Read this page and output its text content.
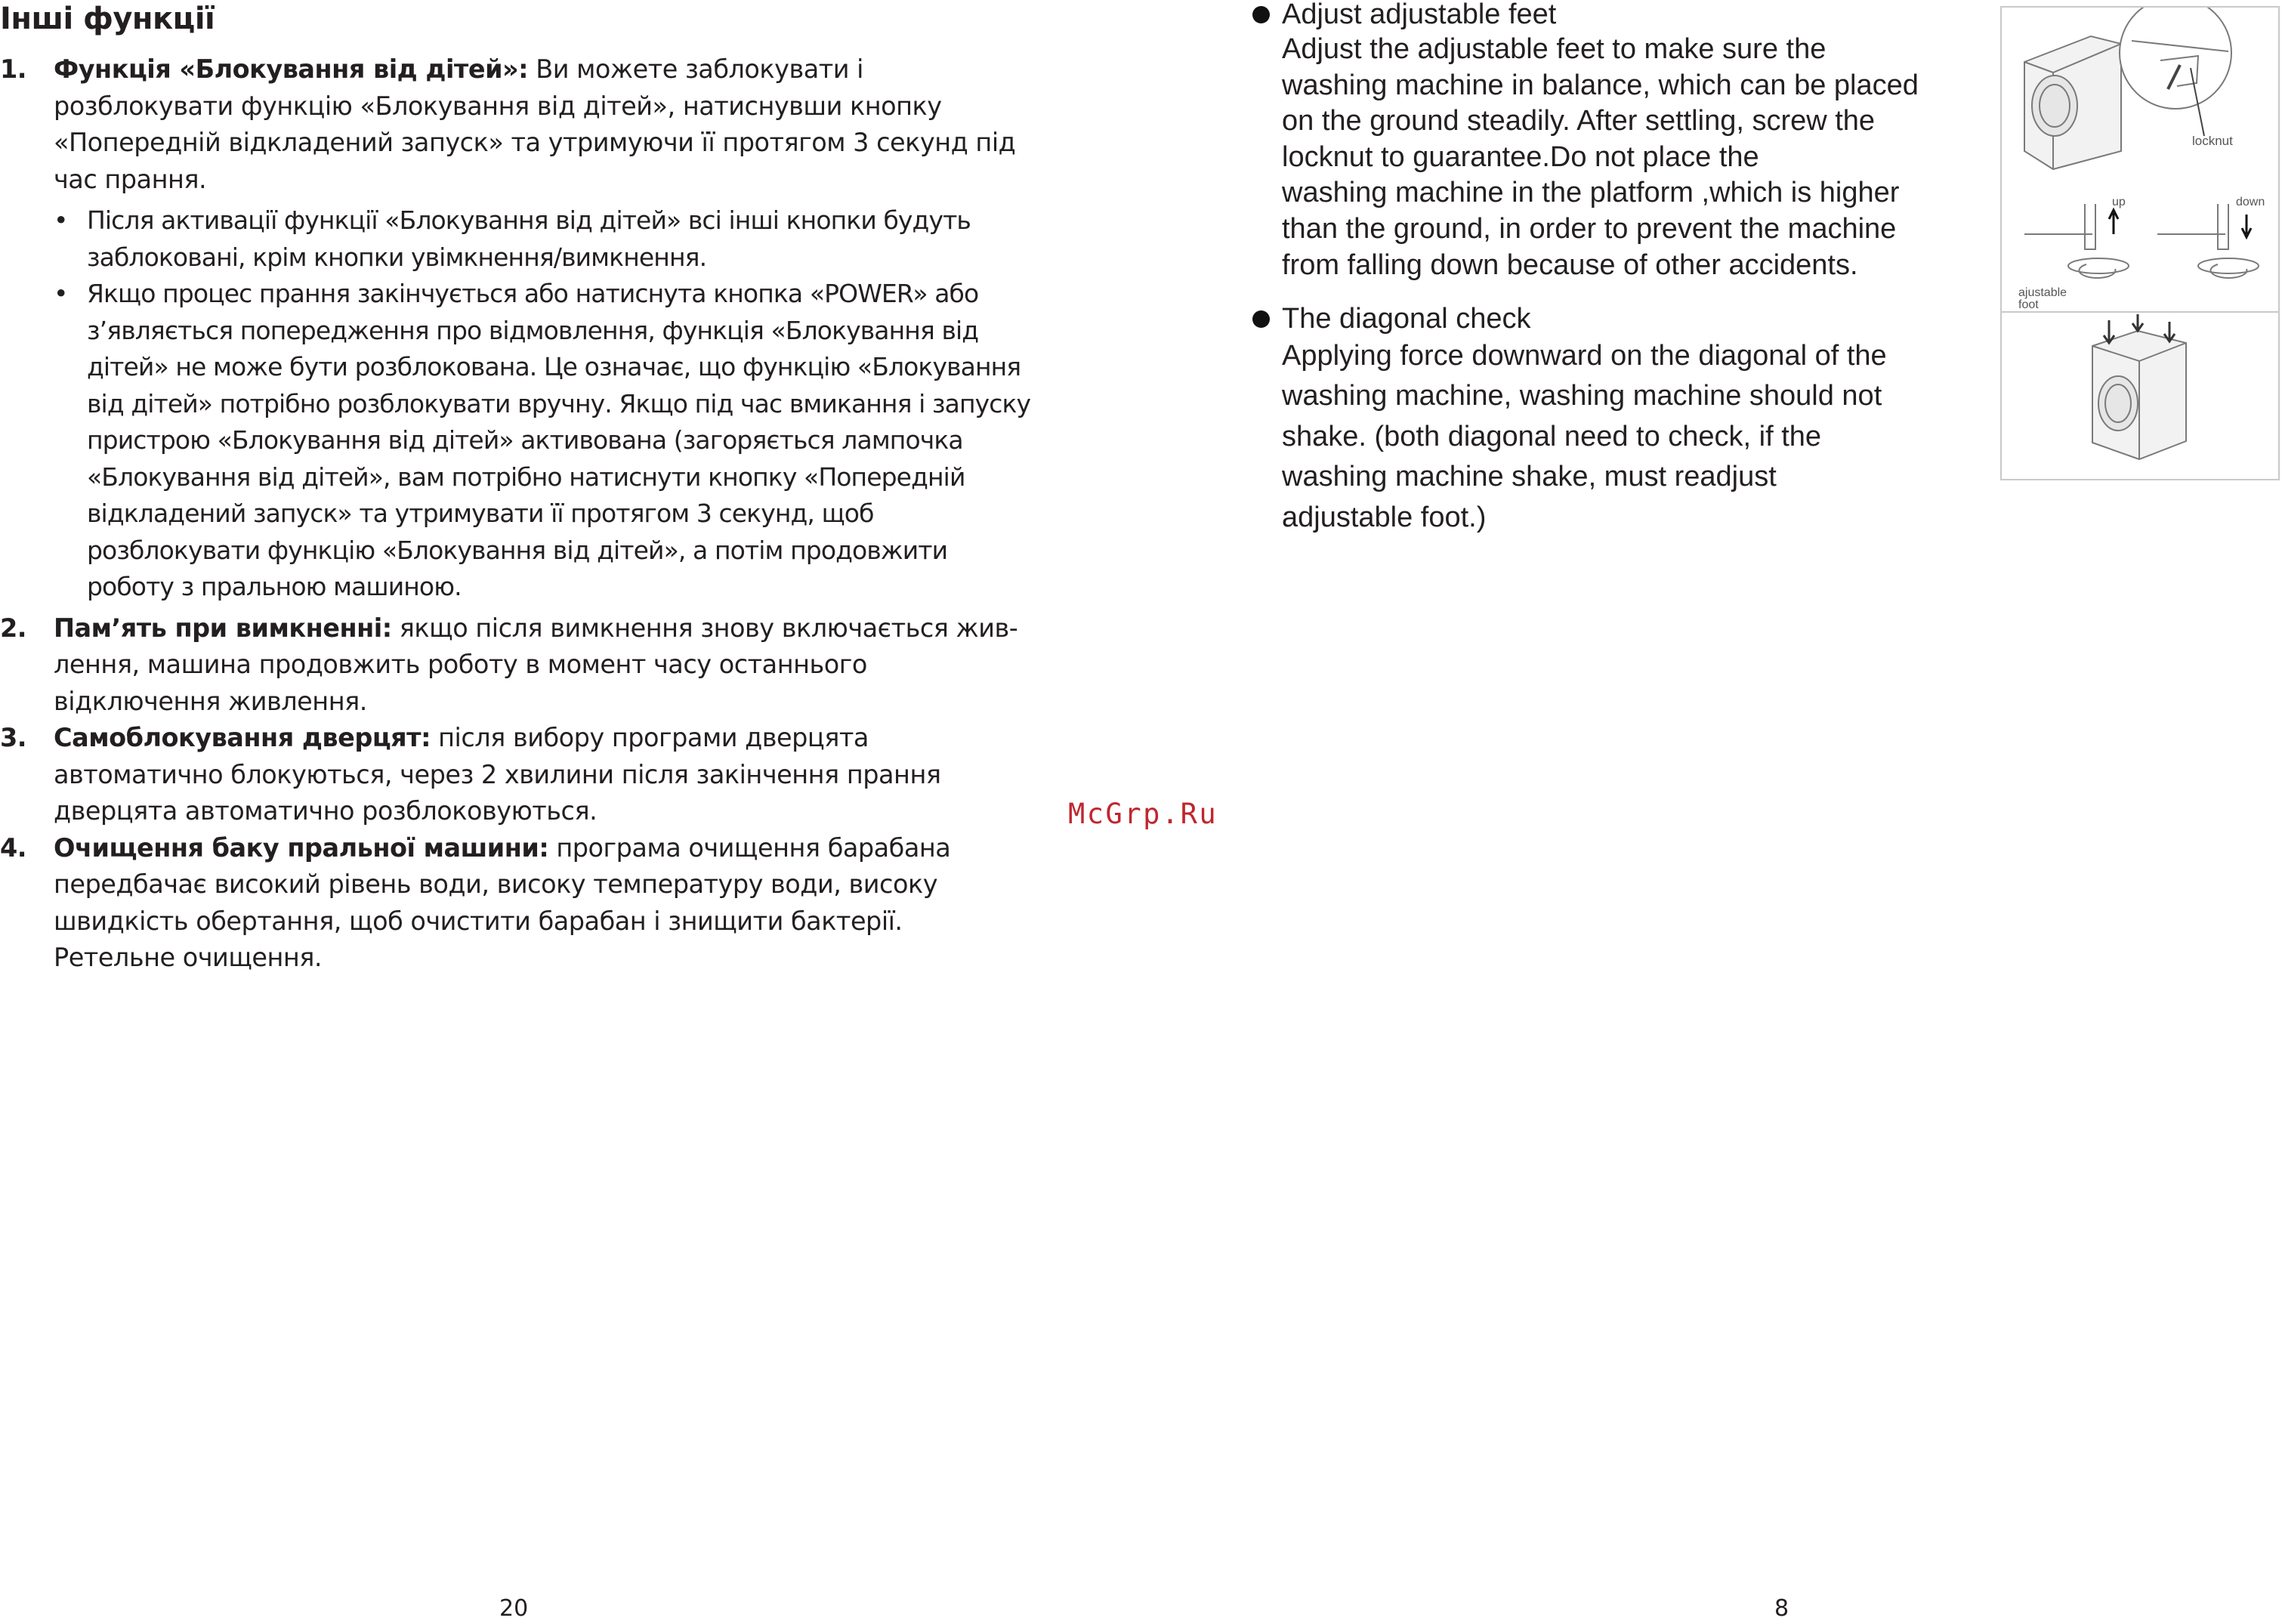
Інші функції
1. Функція «Блокування від дітей»: Ви можете заблокувати і розблокувати функцію «Блокування від дітей», натиснувши кнопку «Попередній відкладений запуск» та утримуючи її протягом 3 секунд під час прання.

• Після активації функції «Блокування від дітей» всі інші кнопки будуть заблоковані, крім кнопки увімкнення/вимкнення.
• Якщо процес прання закінчується або натиснута кнопка «POWER» або з’являється попередження про відмовлення, функція «Блокування від дітей» не може бути розблокована. Це означає, що функцію «Блокування від дітей» потрібно розблокувати вручну. Якщо під час вмикання і запуску пристрою «Блокування від дітей» активована (загоряється лампочка «Блокування від дітей», вам потрібно натиснути кнопку «Попередній відкладений запуск» та утримувати її протягом 3 секунд, щоб розблокувати функцію «Блокування від дітей», а потім продовжити роботу з пральною машиною.
2. Пам’ять при вимкненні: якщо після вимкнення знову включається живлення, машина продовжить роботу в момент часу останнього відключення живлення.

3. Самоблокування дверцят: після вибору програми дверцята автоматично блокуються, через 2 хвилини після закінчення прання дверцята автоматично розблоковуються.

4. Очищення баку пральної машини: програма очищення барабана передбачає високий рівень води, високу температуру води, високу швидкість обертання, щоб очистити барабан і знищити бактерії. Ретельне очищення.

20

McGrp.Ru

Adjust adjustable feet

Adjust the adjustable feet to make sure the
washing machine in balance, which can be placed
on the ground steadily. After settling, screw the
locknut to guarantee.Do not place the
washing machine in the platform ,which is higher
than the ground, in order to prevent the machine
from falling down because of other accidents.

The diagonal check

Applying force downward on the diagonal of the
washing machine, washing machine should not
shake. (both diagonal need to check, if the
washing machine shake, must readjust
adjustable foot.)

8
locknut
up	down
ajustable
foot
